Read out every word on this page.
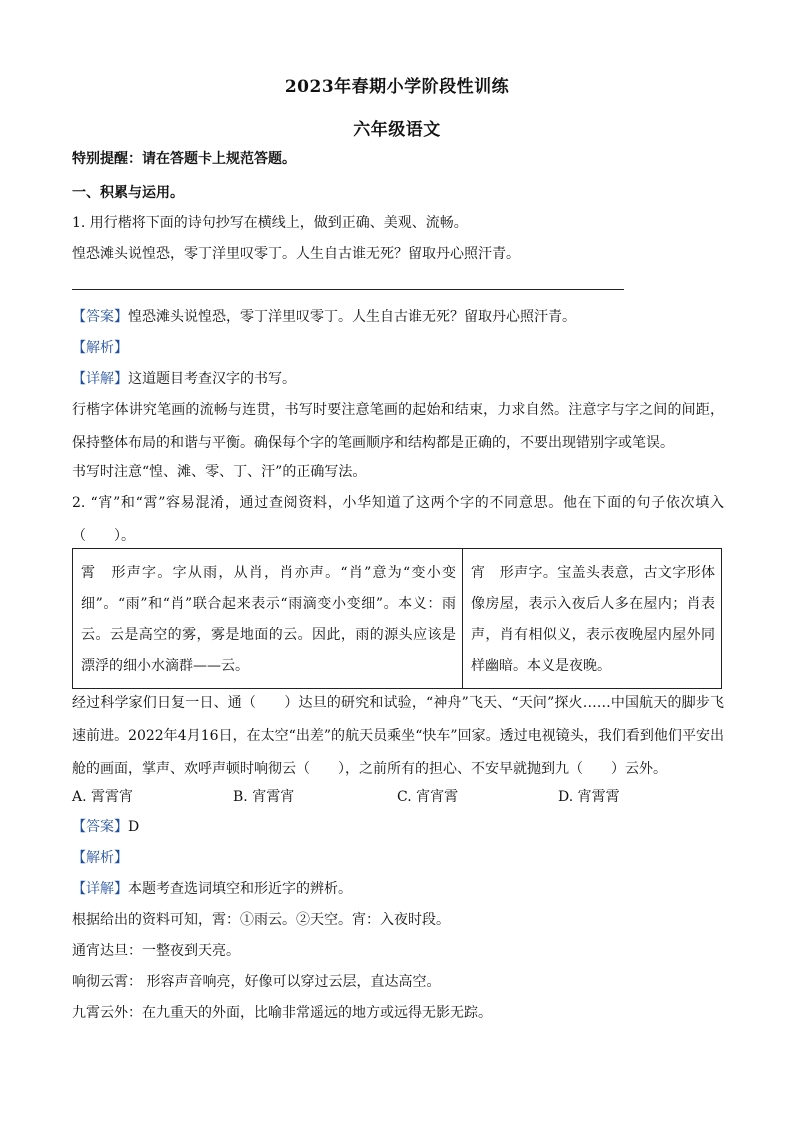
2023年春期小学阶段性训练
六年级语文
特别提醒：请在答题卡上规范答题。
一、积累与运用。
1. 用行楷将下面的诗句抄写在横线上，做到正确、美观、流畅。
惶恐滩头说惶恐，零丁洋里叹零丁。人生自古谁无死？留取丹心照汗青。
【答案】惶恐滩头说惶恐，零丁洋里叹零丁。人生自古谁无死？留取丹心照汗青。
【解析】
【详解】这道题目考查汉字的书写。
行楷字体讲究笔画的流畅与连贯，书写时要注意笔画的起始和结束，力求自然。注意字与字之间的间距，保持整体布局的和谐与平衡。确保每个字的笔画顺序和结构都是正确的，不要出现错别字或笔误。
书写时注意“惶、滩、零、丁、汗”的正确写法。
2. “宵”和“霄”容易混淆，通过查阅资料，小华知道了这两个字的不同意思。他在下面的句子依次填入（　　）。
霄　形声字。字从雨，从肖，肖亦声。“肖”意为“变小变细”。“雨”和“肖”联合起来表示“雨滴变小变细”。本义：雨云。云是高空的雾，雾是地面的云。因此，雨的源头应该是漂浮的细小水滴群——云。	宵　形声字。宝盖头表意，古文字形体像房屋，表示入夜后人多在屋内；肖表声，肖有相似义，表示夜晚屋内屋外同样幽暗。本义是夜晚。
经过科学家们日复一日、通（　　）达旦的研究和试验，“神舟”飞天、“天问”探火……中国航天的脚步飞速前进。2022年4月16日，在太空“出差”的航天员乘坐“快车”回家。透过电视镜头，我们看到他们平安出舱的画面，掌声、欢呼声顿时响彻云（　　），之前所有的担心、不安早就抛到九（　　）云外。
A. 霄霄宵	B. 宵霄宵	C. 宵宵霄	D. 宵霄霄
【答案】D
【解析】
【详解】本题考查选词填空和形近字的辨析。
根据给出的资料可知，霄：①雨云。②天空。宵：入夜时段。
通宵达旦：一整夜到天亮。
响彻云霄： 形容声音响亮，好像可以穿过云层，直达高空。
九霄云外：在九重天的外面，比喻非常遥远的地方或远得无影无踪。
